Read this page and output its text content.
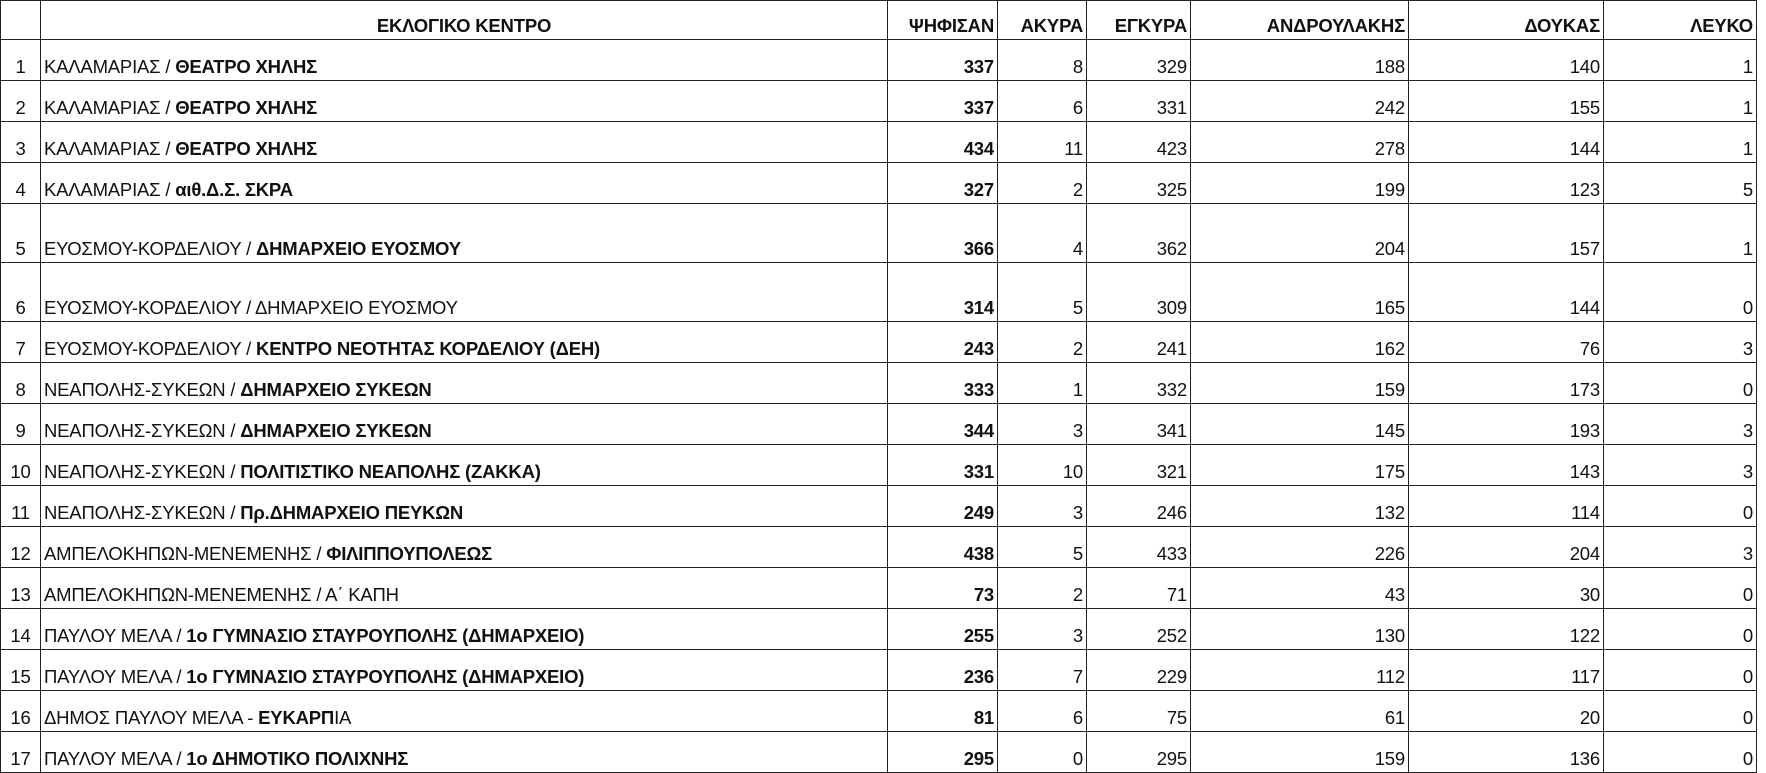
	ΕΚΛΟΓΙΚΟ ΚΕΝΤΡΟ	ΨΗΦΙΣΑΝ	ΑΚΥΡΑ	ΕΓΚΥΡΑ	ΑΝΔΡΟΥΛΑΚΗΣ	ΔΟΥΚΑΣ	ΛΕΥΚΟ
1	ΚΑΛΑΜΑΡΙΑΣ / ΘΕΑΤΡΟ ΧΗΛΗΣ	337	8	329	188	140	1
2	ΚΑΛΑΜΑΡΙΑΣ / ΘΕΑΤΡΟ ΧΗΛΗΣ	337	6	331	242	155	1
3	ΚΑΛΑΜΑΡΙΑΣ / ΘΕΑΤΡΟ ΧΗΛΗΣ	434	11	423	278	144	1
4	ΚΑΛΑΜΑΡΙΑΣ / αιθ.Δ.Σ. ΣΚΡΑ	327	2	325	199	123	5
5	ΕΥΟΣΜΟΥ-ΚΟΡΔΕΛΙΟΥ / ΔΗΜΑΡΧΕΙΟ ΕΥΟΣΜΟΥ	366	4	362	204	157	1
6	ΕΥΟΣΜΟΥ-ΚΟΡΔΕΛΙΟΥ / ΔΗΜΑΡΧΕΙΟ ΕΥΟΣΜΟΥ	314	5	309	165	144	0
7	ΕΥΟΣΜΟΥ-ΚΟΡΔΕΛΙΟΥ / ΚΕΝΤΡΟ ΝΕΟΤΗΤΑΣ ΚΟΡΔΕΛΙΟΥ (ΔΕΗ)	243	2	241	162	76	3
8	ΝΕΑΠΟΛΗΣ-ΣΥΚΕΩΝ / ΔΗΜΑΡΧΕΙΟ ΣΥΚΕΩΝ	333	1	332	159	173	0
9	ΝΕΑΠΟΛΗΣ-ΣΥΚΕΩΝ / ΔΗΜΑΡΧΕΙΟ ΣΥΚΕΩΝ	344	3	341	145	193	3
10	ΝΕΑΠΟΛΗΣ-ΣΥΚΕΩΝ / ΠΟΛΙΤΙΣΤΙΚΟ ΝΕΑΠΟΛΗΣ (ΖΑΚΚΑ)	331	10	321	175	143	3
11	ΝΕΑΠΟΛΗΣ-ΣΥΚΕΩΝ / Πρ.ΔΗΜΑΡΧΕΙΟ ΠΕΥΚΩΝ	249	3	246	132	114	0
12	ΑΜΠΕΛΟΚΗΠΩΝ-ΜΕΝΕΜΕΝΗΣ / ΦΙΛΙΠΠΟΥΠΟΛΕΩΣ	438	5	433	226	204	3
13	ΑΜΠΕΛΟΚΗΠΩΝ-ΜΕΝΕΜΕΝΗΣ / Α΄ ΚΑΠΗ	73	2	71	43	30	0
14	ΠΑΥΛΟΥ ΜΕΛΑ / 1ο ΓΥΜΝΑΣΙΟ ΣΤΑΥΡΟΥΠΟΛΗΣ (ΔΗΜΑΡΧΕΙΟ)	255	3	252	130	122	0
15	ΠΑΥΛΟΥ ΜΕΛΑ / 1ο ΓΥΜΝΑΣΙΟ ΣΤΑΥΡΟΥΠΟΛΗΣ (ΔΗΜΑΡΧΕΙΟ)	236	7	229	112	117	0
16	ΔΗΜΟΣ ΠΑΥΛΟΥ ΜΕΛΑ - ΕΥΚΑΡΠΙΑ	81	6	75	61	20	0
17	ΠΑΥΛΟΥ ΜΕΛΑ / 1ο ΔΗΜΟΤΙΚΟ ΠΟΛΙΧΝΗΣ	295	0	295	159	136	0
